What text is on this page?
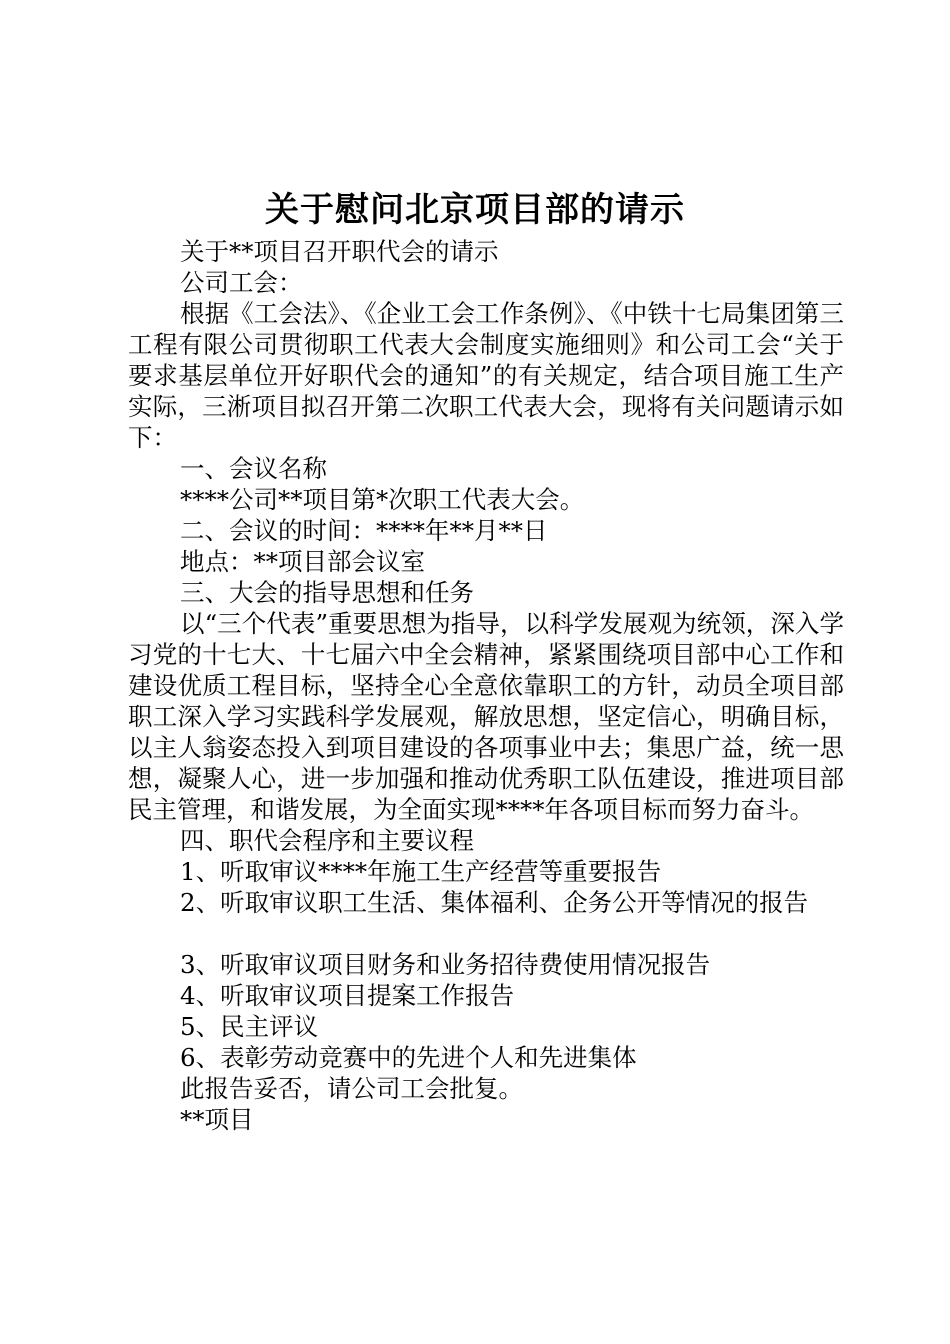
关于慰问北京项目部的请示

关于**项目召开职代会的请示

公司工会：

根据《工会法》、《企业工会工作条例》、《中铁十七局集团第三工程有限公司贯彻职工代表大会制度实施细则》和公司工会“关于要求基层单位开好职代会的通知”的有关规定，结合项目施工生产实际，三淅项目拟召开第二次职工代表大会，现将有关问题请示如下：

一、会议名称

****公司**项目第*次职工代表大会。

二、会议的时间：****年**月**日

地点：**项目部会议室

三、大会的指导思想和任务

以“三个代表”重要思想为指导，以科学发展观为统领，深入学习党的十七大、十七届六中全会精神，紧紧围绕项目部中心工作和建设优质工程目标，坚持全心全意依靠职工的方针，动员全项目部职工深入学习实践科学发展观，解放思想，坚定信心，明确目标，以主人翁姿态投入到项目建设的各项事业中去；集思广益，统一思想，凝聚人心，进一步加强和推动优秀职工队伍建设，推进项目部民主管理，和谐发展，为全面实现****年各项目标而努力奋斗。

四、职代会程序和主要议程

1、听取审议****年施工生产经营等重要报告

2、听取审议职工生活、集体福利、企务公开等情况的报告

3、听取审议项目财务和业务招待费使用情况报告

4、听取审议项目提案工作报告

5、民主评议

6、表彰劳动竞赛中的先进个人和先进集体

此报告妥否，请公司工会批复。

**项目
